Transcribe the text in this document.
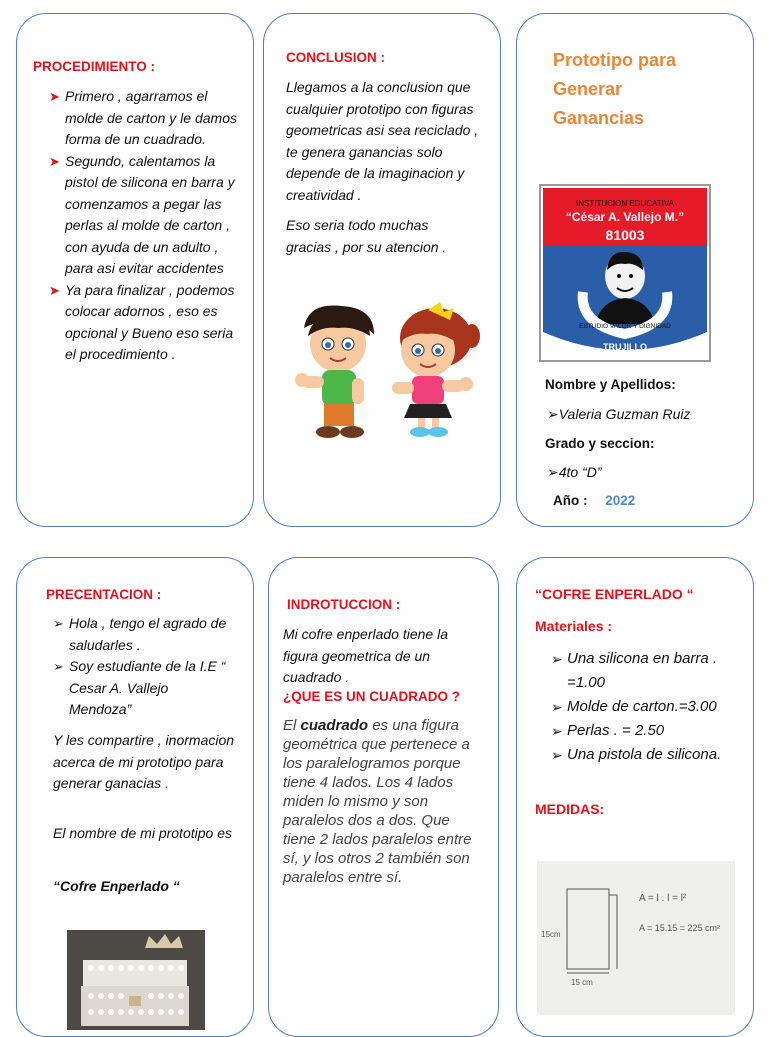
PROCEDIMIENTO :
➤ Primero , agarramos el molde de carton y le damos forma de un cuadrado.
➤ Segundo, calentamos la pistol de silicona en barra y comenzamos a pegar las perlas al molde de carton , con ayuda de un adulto , para asi evitar accidentes
➤ Ya para finalizar , podemos colocar adornos , eso es opcional y Bueno eso seria el procedimiento .
CONCLUSION :

Llegamos a la conclusion que cualquier prototipo con figuras geometricas asi sea reciclado , te genera ganancias solo depende de la imaginacion y creatividad .

Eso seria todo muchas gracias , por su atencion .

Prototipo para
Generar
Ganancias
INSTITUCION EDUCATIVA
“César A. Vallejo M.”
81003
ESTUDIO VALOR Y DIGNIDAD
TRUJILLO
Nombre y Apellidos:
➢Valeria Guzman Ruiz
Grado y seccion:
➢4to “D”
Año : 2022
PRECENTACION :
➢ Hola , tengo el agrado de saludarles .
➢ Soy estudiante de la I.E “ Cesar A. Vallejo Mendoza”

Y les compartire , inormacion acerca de mi prototipo para generar ganacias .

El nombre de mi prototipo es

“Cofre Enperlado “

INDROTUCCION :

Mi cofre enperlado tiene la figura geometrica de un cuadrado .

¿QUE ES UN CUADRADO ?

El cuadrado es una figura geométrica que pertenece a los paralelogramos porque tiene 4 lados. Los 4 lados miden lo mismo y son paralelos dos a dos. Que tiene 2 lados paralelos entre sí, y los otros 2 también son paralelos entre sí.

“COFRE ENPERLADO “
Materiales :
➢ Una silicona en barra . =1.00
➢ Molde de carton.=3.00
➢ Perlas . = 2.50
➢ Una pistola de silicona.
MEDIDAS:
15cm
15 cm
A = l . l = l²
A = 15.15 = 225 cm²
